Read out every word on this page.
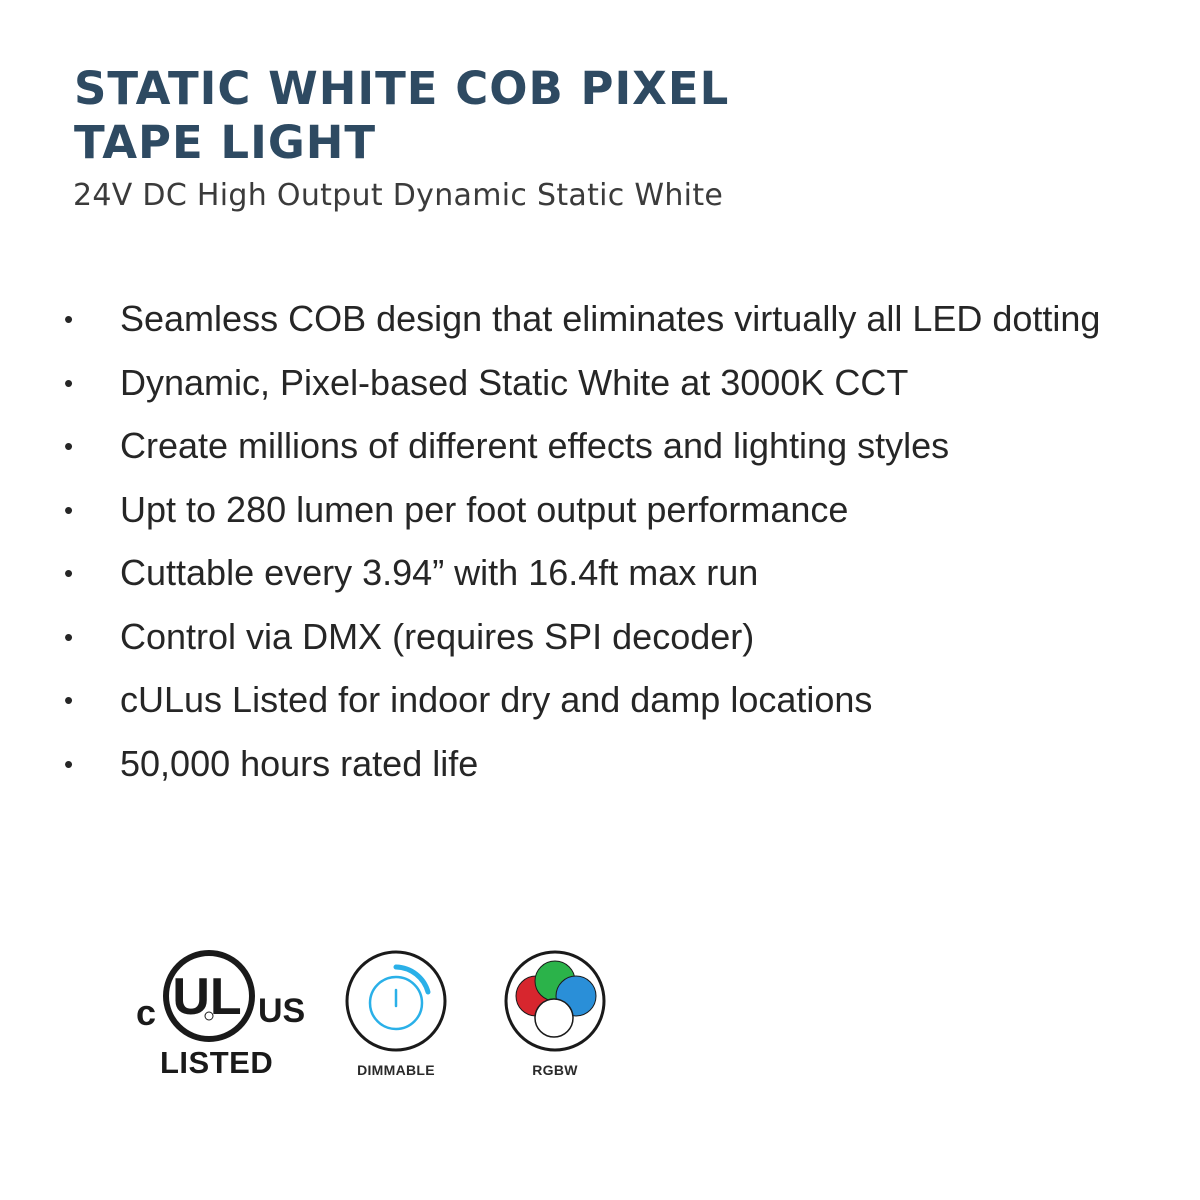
STATIC WHITE COB PIXEL
TAPE LIGHT

24V DC High Output Dynamic Static White

•	Seamless COB design that eliminates virtually all LED dotting
•	Dynamic, Pixel-based Static White at 3000K CCT
•	Create millions of different effects and lighting styles
•	Upt to 280 lumen per foot output performance
•	Cuttable every 3.94” with 16.4ft max run
•	Control via DMX (requires SPI decoder)
•	cULus Listed for indoor dry and damp locations
•	50,000 hours rated life
c UL US
LISTED	DIMMABLE	RGBW
